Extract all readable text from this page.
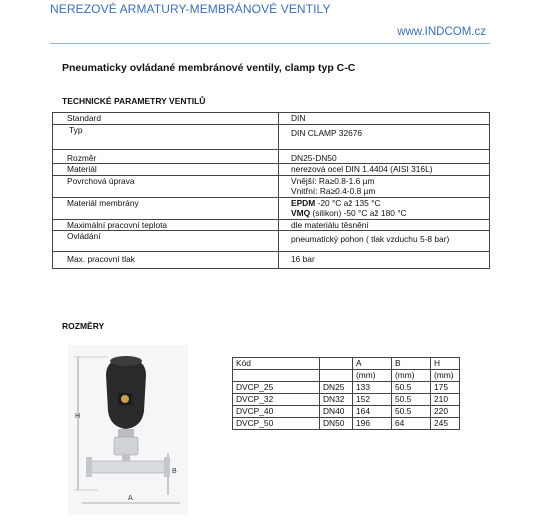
NEREZOVÉ ARMATURY-MEMBRÁNOVÉ VENTILY
www.INDCOM.cz
Pneumaticky ovládané membránové ventily, clamp typ C-C
TECHNICKÉ PARAMETRY VENTILŮ
Standard	DIN
Typ	DIN CLAMP 32676
Rozměr	DN25-DN50
Materiál	nerezová ocel DIN 1.4404 (AISI 316L)
Povrchová úprava	Vnější: Ra≥0.8-1.6 µm
Vnitřní: Ra≥0.4-0.8 µm

Materiál membrány	EPDM -20 °C až 135 °C
VMQ (silikon) -50 °C až 180 °C

Maximální pracovní teplota	dle materiálu těsnění
Ovládání	pneumatický pohon ( tlak vzduchu 5-8 bar)
Max. pracovní tlak	16 bar
ROZMĚRY
H
A
B
Kód		A	B	H
		(mm)	(mm)	(mm)
DVCP_25	DN25	133	50.5	175
DVCP_32	DN32	152	50.5	210
DVCP_40	DN40	164	50.5	220
DVCP_50	DN50	196	64	245
